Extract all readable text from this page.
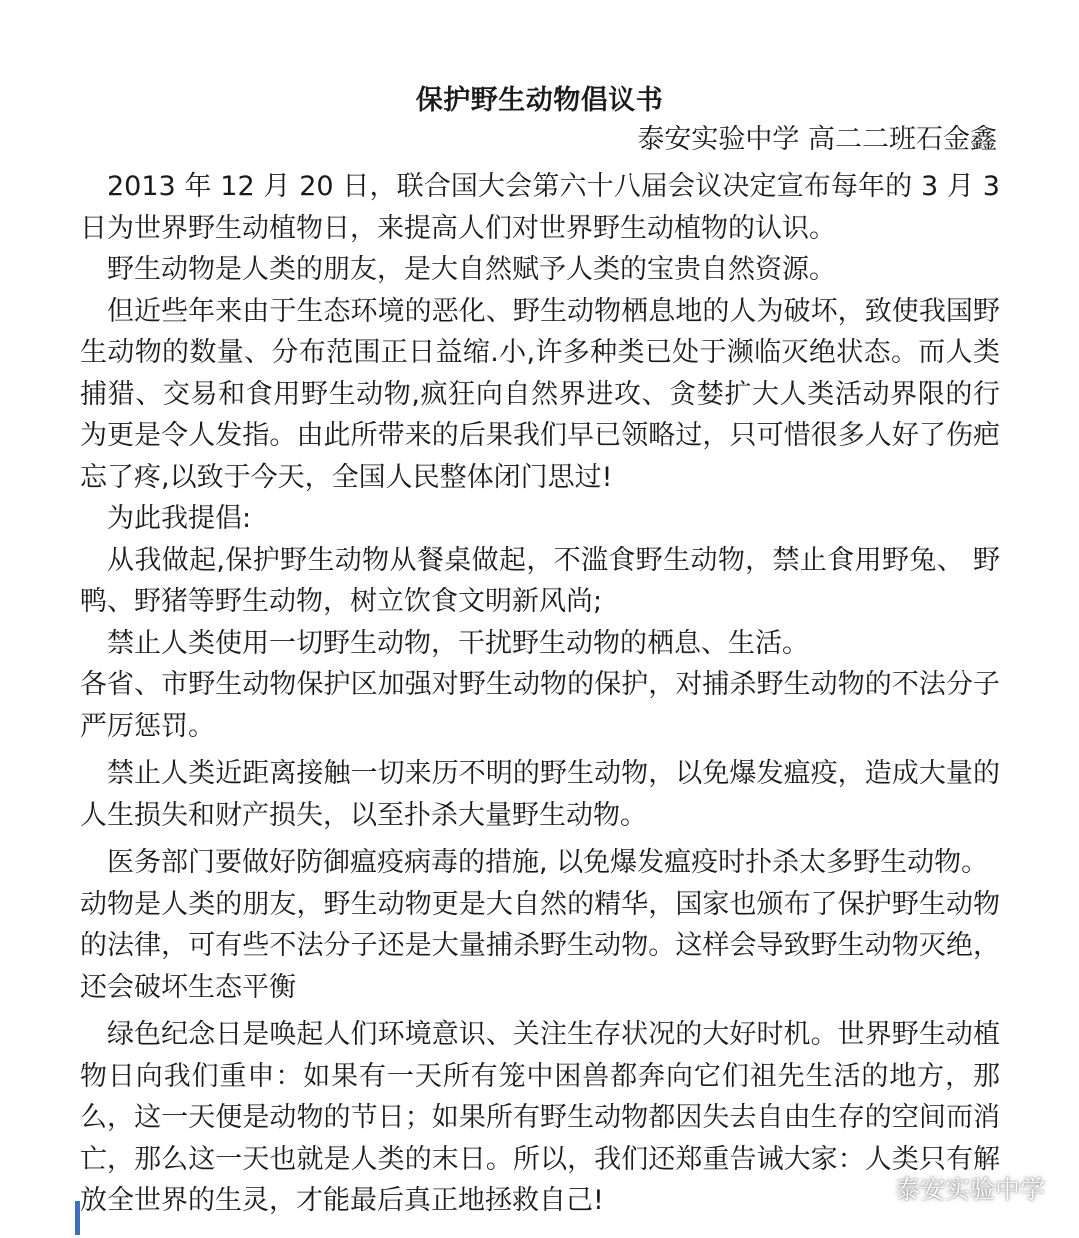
保护野生动物倡议书
泰安实验中学 高二二班石金鑫

2013 年 12 月 20 日，联合国大会第六十八届会议决定宣布每年的 3 月 3 日为世界野生动植物日，来提高人们对世界野生动植物的认识。

野生动物是人类的朋友，是大自然赋予人类的宝贵自然资源。

但近些年来由于生态环境的恶化、野生动物栖息地的人为破坏，致使我国野生动物的数量、分布范围正日益缩.小,许多种类已处于濒临灭绝状态。而人类捕猎、交易和食用野生动物,疯狂向自然界进攻、贪婪扩大人类活动界限的行为更是令人发指。由此所带来的后果我们早已领略过，只可惜很多人好了伤疤忘了疼,以致于今天，全国人民整体闭门思过!

为此我提倡:

从我做起,保护野生动物从餐桌做起，不滥食野生动物，禁止食用野兔、 野鸭、野猪等野生动物，树立饮食文明新风尚;

禁止人类使用一切野生动物，干扰野生动物的栖息、生活。

各省、市野生动物保护区加强对野生动物的保护，对捕杀野生动物的不法分子严厉惩罚。

禁止人类近距离接触一切来历不明的野生动物，以免爆发瘟疫，造成大量的人生损失和财产损失，以至扑杀大量野生动物。

医务部门要做好防御瘟疫病毒的措施, 以免爆发瘟疫时扑杀太多野生动物。

动物是人类的朋友，野生动物更是大自然的精华，国家也颁布了保护野生动物的法律，可有些不法分子还是大量捕杀野生动物。这样会导致野生动物灭绝，还会破坏生态平衡

绿色纪念日是唤起人们环境意识、关注生存状况的大好时机。世界野生动植物日向我们重申：如果有一天所有笼中困兽都奔向它们祖先生活的地方，那么，这一天便是动物的节日；如果所有野生动物都因失去自由生存的空间而消亡，那么这一天也就是人类的末日。所以，我们还郑重告诫大家：人类只有解放全世界的生灵，才能最后真正地拯救自己!	泰安实验中学
